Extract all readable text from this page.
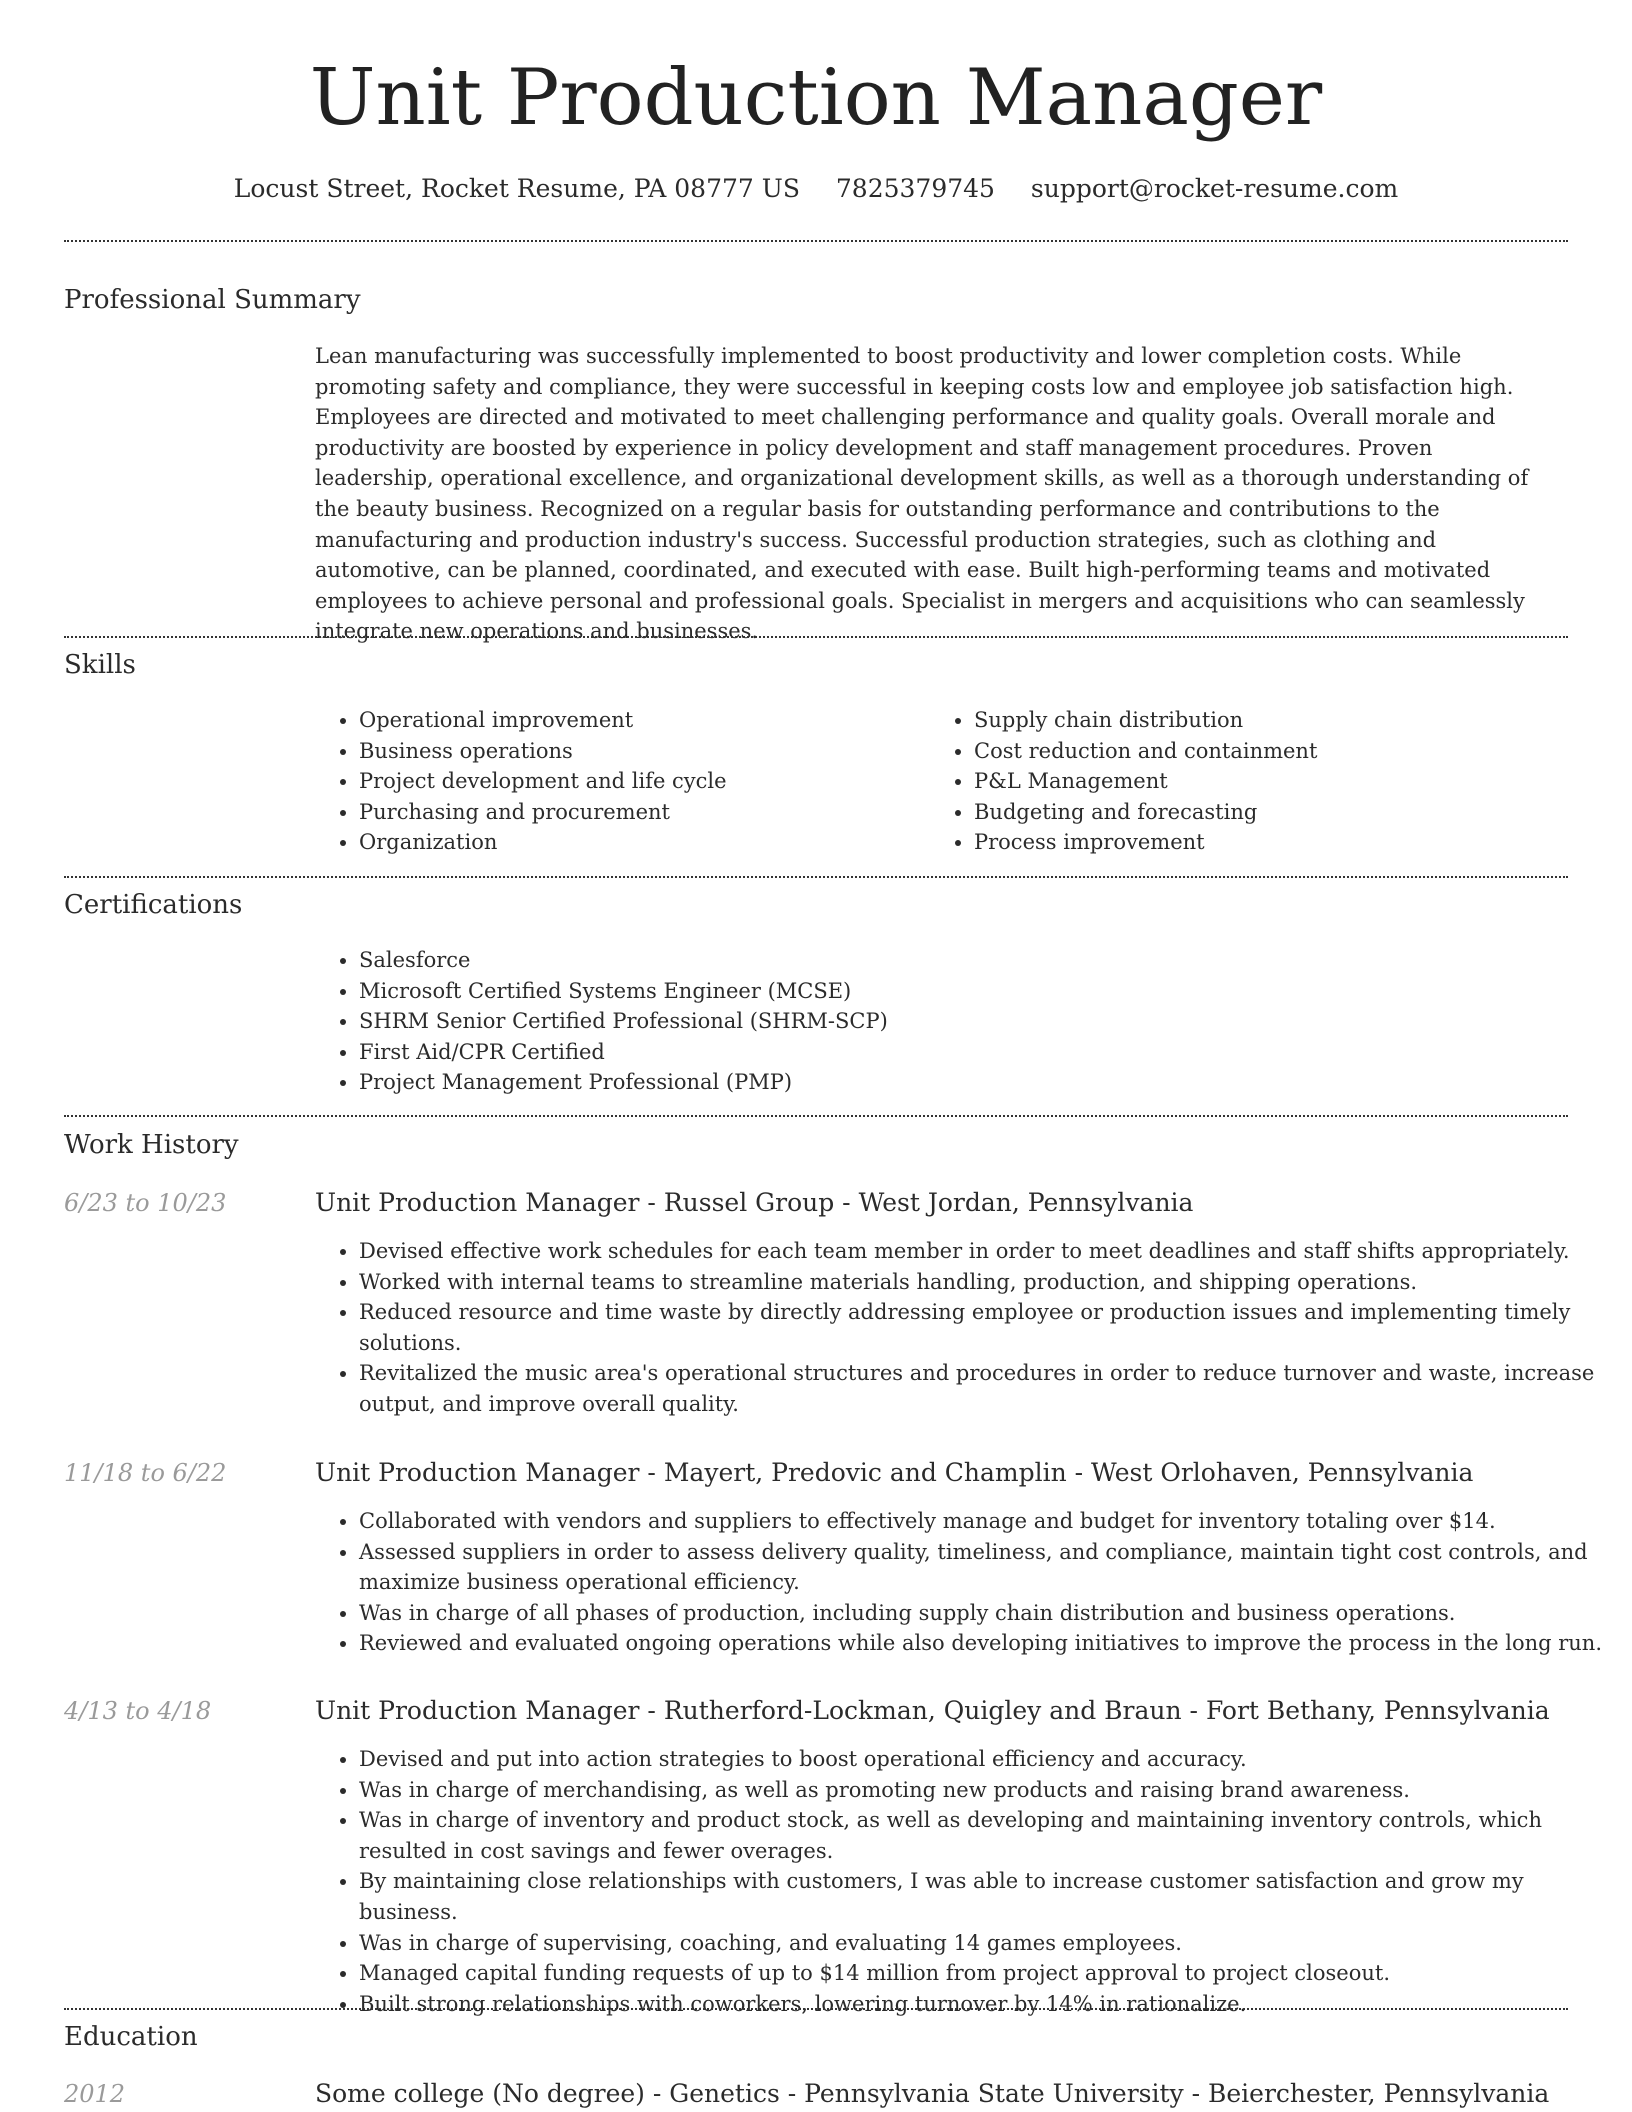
Unit Production Manager
Locust Street, Rocket Resume, PA 08777 US 7825379745 support@rocket-resume.com
Professional Summary

Lean manufacturing was successfully implemented to boost productivity and lower completion costs. While promoting safety and compliance, they were successful in keeping costs low and employee job satisfaction high. Employees are directed and motivated to meet challenging performance and quality goals. Overall morale and productivity are boosted by experience in policy development and staff management procedures. Proven leadership, operational excellence, and organizational development skills, as well as a thorough understanding of the beauty business. Recognized on a regular basis for outstanding performance and contributions to the manufacturing and production industry's success. Successful production strategies, such as clothing and automotive, can be planned, coordinated, and executed with ease. Built high-performing teams and motivated employees to achieve personal and professional goals. Specialist in mergers and acquisitions who can seamlessly integrate new operations and businesses.

Skills
• Operational improvement
• Business operations
• Project development and life cycle
• Purchasing and procurement
• Organization
• Supply chain distribution
• Cost reduction and containment
• P&L Management
• Budgeting and forecasting
• Process improvement
Certifications
• Salesforce
• Microsoft Certified Systems Engineer (MCSE)
• SHRM Senior Certified Professional (SHRM-SCP)
• First Aid/CPR Certified
• Project Management Professional (PMP)
Work History
6/23 to 10/23	Unit Production Manager - Russel Group - West Jordan, Pennsylvania
• Devised effective work schedules for each team member in order to meet deadlines and staff shifts appropriately.
• Worked with internal teams to streamline materials handling, production, and shipping operations.
• Reduced resource and time waste by directly addressing employee or production issues and implementing timely solutions.
• Revitalized the music area's operational structures and procedures in order to reduce turnover and waste, increase output, and improve overall quality.
11/18 to 6/22	Unit Production Manager - Mayert, Predovic and Champlin - West Orlohaven, Pennsylvania
• Collaborated with vendors and suppliers to effectively manage and budget for inventory totaling over $14.
• Assessed suppliers in order to assess delivery quality, timeliness, and compliance, maintain tight cost controls, and maximize business operational efficiency.
• Was in charge of all phases of production, including supply chain distribution and business operations.
• Reviewed and evaluated ongoing operations while also developing initiatives to improve the process in the long run.
4/13 to 4/18	Unit Production Manager - Rutherford-Lockman, Quigley and Braun - Fort Bethany, Pennsylvania
• Devised and put into action strategies to boost operational efficiency and accuracy.
• Was in charge of merchandising, as well as promoting new products and raising brand awareness.
• Was in charge of inventory and product stock, as well as developing and maintaining inventory controls, which resulted in cost savings and fewer overages.
• By maintaining close relationships with customers, I was able to increase customer satisfaction and grow my business.
• Was in charge of supervising, coaching, and evaluating 14 games employees.
• Managed capital funding requests of up to $14 million from project approval to project closeout.
• Built strong relationships with coworkers, lowering turnover by 14% in rationalize.
Education
2012	Some college (No degree) - Genetics - Pennsylvania State University - Beierchester, Pennsylvania
